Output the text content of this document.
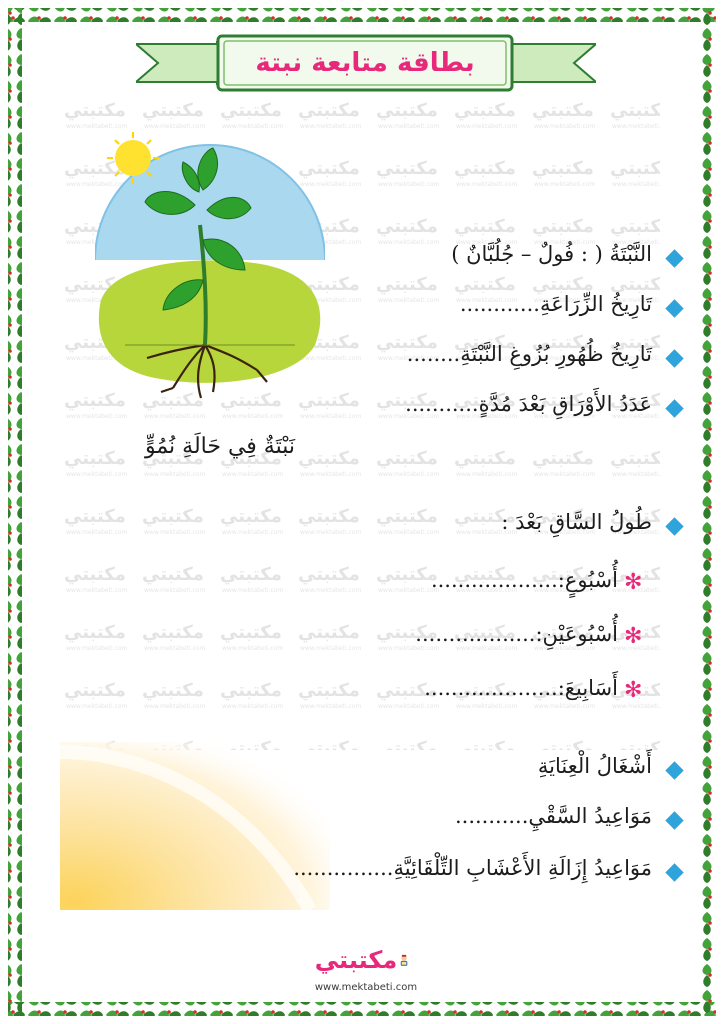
بطاقة متابعة نبتة
نَبْتَةٌ فِي حَالَةِ نُمُوٍّ
النَّبْتَةُ ( : فُولٌ – جُلُبَّانٌ )
تَارِيخُ الزِّرَاعَةِ............
تَارِيخُ ظُهُورِ بُزُوغِ النَّبْتَةِ........
عَدَدُ الأَوْرَاقِ بَعْدَ مُدَّةٍ...........
طُولُ السَّاقِ بَعْدَ :
✻
أُسْبُوعٍ:...................
✻
أُسْبُوعَيْنِ:..................
✻
أَسَابِيعَ:....................
أَشْغَالُ الْعِنَايَةِ
مَوَاعِيدُ السَّقْيِ...........
مَوَاعِيدُ إِزَالَةِ الأَعْشَابِ التِّلْقَائِيَّةِ...............
مكتبتي
www.mektabeti.com
